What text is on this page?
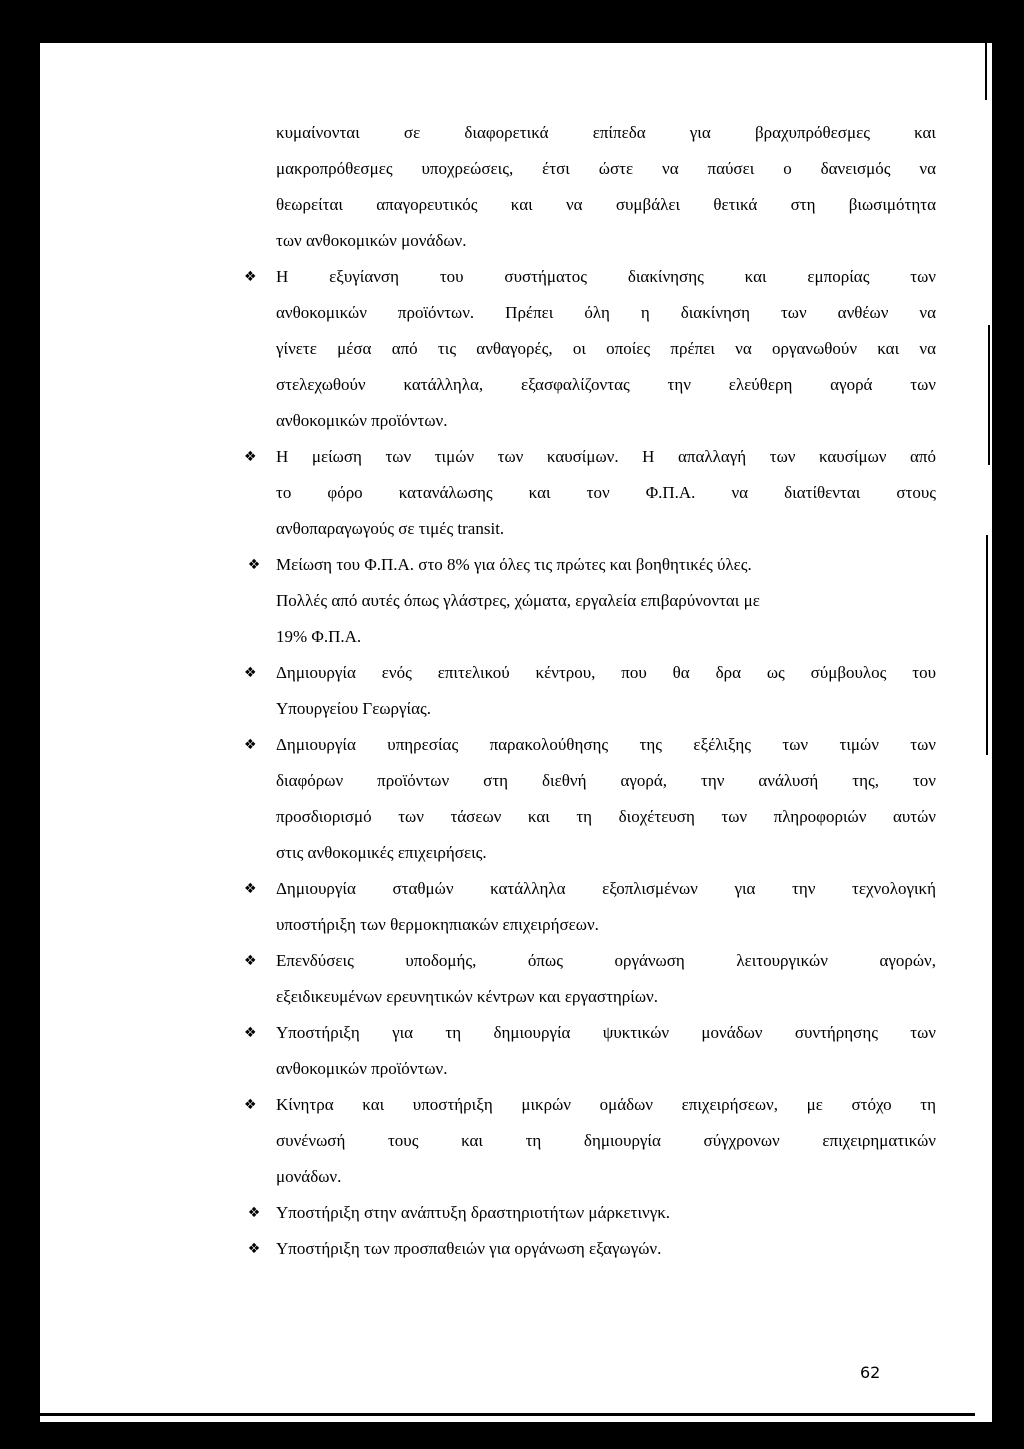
κυμαίνονται σε διαφορετικά επίπεδα για βραχυπρόθεσμες και
μακροπρόθεσμες υποχρεώσεις, έτσι ώστε να παύσει ο δανεισμός να
θεωρείται απαγορευτικός και να συμβάλει θετικά στη βιωσιμότητα
των ανθοκομικών μονάδων.
❖	Η εξυγίανση του συστήματος διακίνησης και εμπορίας των
ανθοκομικών προϊόντων. Πρέπει όλη η διακίνηση των ανθέων να
γίνετε μέσα από τις ανθαγορές, οι οποίες πρέπει να οργανωθούν και να
στελεχωθούν κατάλληλα, εξασφαλίζοντας την ελεύθερη αγορά των
ανθοκομικών προϊόντων.
❖	Η μείωση των τιμών των καυσίμων. Η απαλλαγή των καυσίμων από
το φόρο κατανάλωσης και τον Φ.Π.Α. να διατίθενται στους
ανθοπαραγωγούς σε τιμές transit.
❖ Μείωση του Φ.Π.Α. στο 8% για όλες τις πρώτες και βοηθητικές ύλες.
Πολλές από αυτές όπως γλάστρες, χώματα, εργαλεία επιβαρύνονται με
19% Φ.Π.Α.
❖	Δημιουργία ενός επιτελικού κέντρου, που θα δρα ως σύμβουλος του
Υπουργείου Γεωργίας.
❖	Δημιουργία υπηρεσίας παρακολούθησης της εξέλιξης των τιμών των
διαφόρων προϊόντων στη διεθνή αγορά, την ανάλυσή της, τον
προσδιορισμό των τάσεων και τη διοχέτευση των πληροφοριών αυτών
στις ανθοκομικές επιχειρήσεις.
❖	Δημιουργία σταθμών κατάλληλα εξοπλισμένων για την τεχνολογική
υποστήριξη των θερμοκηπιακών επιχειρήσεων.
❖	Επενδύσεις υποδομής, όπως οργάνωση λειτουργικών αγορών,
εξειδικευμένων ερευνητικών κέντρων και εργαστηρίων.
❖	Υποστήριξη για τη δημιουργία ψυκτικών μονάδων συντήρησης των
ανθοκομικών προϊόντων.
❖	Κίνητρα και υποστήριξη μικρών ομάδων επιχειρήσεων, με στόχο τη
συνένωσή τους και τη δημιουργία σύγχρονων επιχειρηματικών
μονάδων.
❖ Υποστήριξη στην ανάπτυξη δραστηριοτήτων μάρκετινγκ.
❖ Υποστήριξη των προσπαθειών για οργάνωση εξαγωγών.
62
